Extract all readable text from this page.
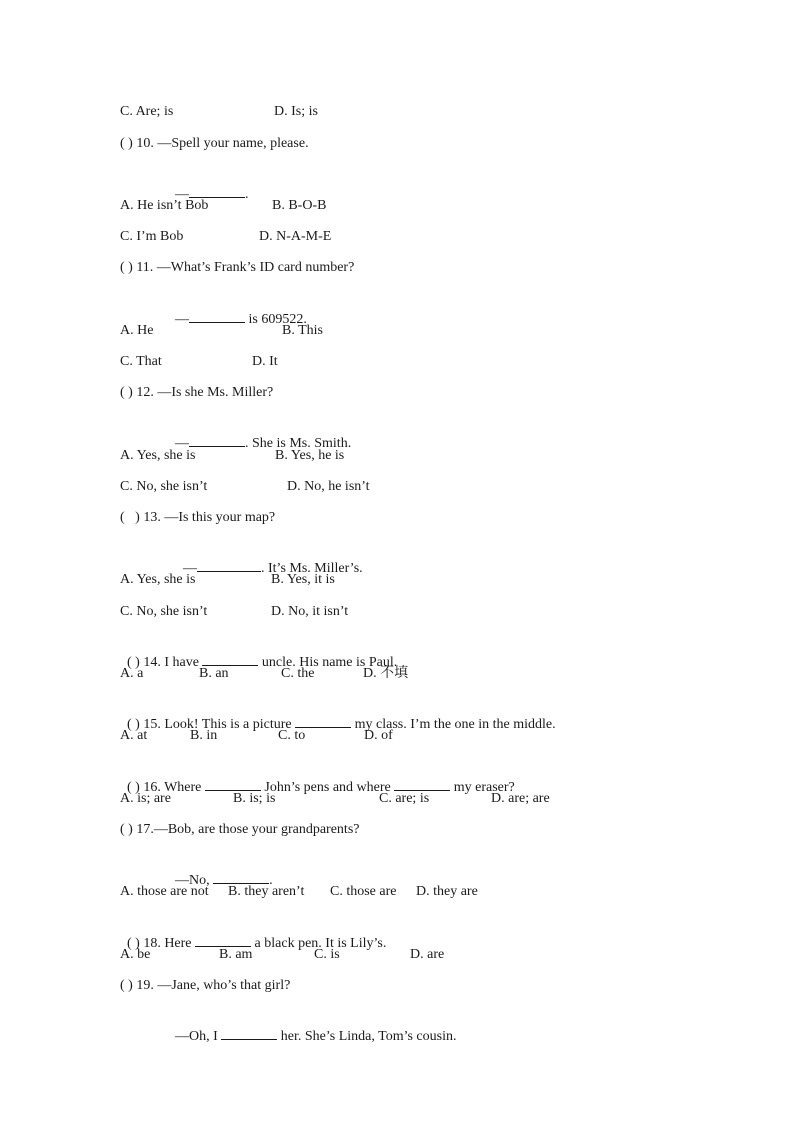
C. Are; is	D. Is; is
( ) 10. —Spell your name, please.

—	.

A. He isn’t Bob	B. B-O-B
C. I’m Bob	D. N-A-M-E
( ) 11. —What’s Frank’s ID card number?

—	is 609522.

A. He	B. This
C. That	D. It
( ) 12. —Is she Ms. Miller?

—	. She is Ms. Smith.

A. Yes, she is	B. Yes, he is
C. No, she isn’t	D. No, he isn’t
(   ) 13. —Is this your map?

—	. It’s Ms. Miller’s.

A. Yes, she is	B. Yes, it is
C. No, she isn’t	D. No, it isn’t

( ) 14. I have	uncle. His name is Paul.

A. a	B. an	C. the	D. 不填

( ) 15. Look! This is a picture	my class. I’m the one in the middle.

A. at	B. in	C. to	D. of

( ) 16. Where	John’s pens and where	my eraser?

A. is; are	B. is; is	C. are; is	D. are; are
( ) 17.—Bob, are those your grandparents?

—No,	.

A. those are not B. they aren’t C. those are D. they are

( ) 18. Here	a black pen. It is Lily’s.

A. be	B. am	C. is	D. are
( ) 19. —Jane, who’s that girl?

—Oh, I	her. She’s Linda, Tom’s cousin.
